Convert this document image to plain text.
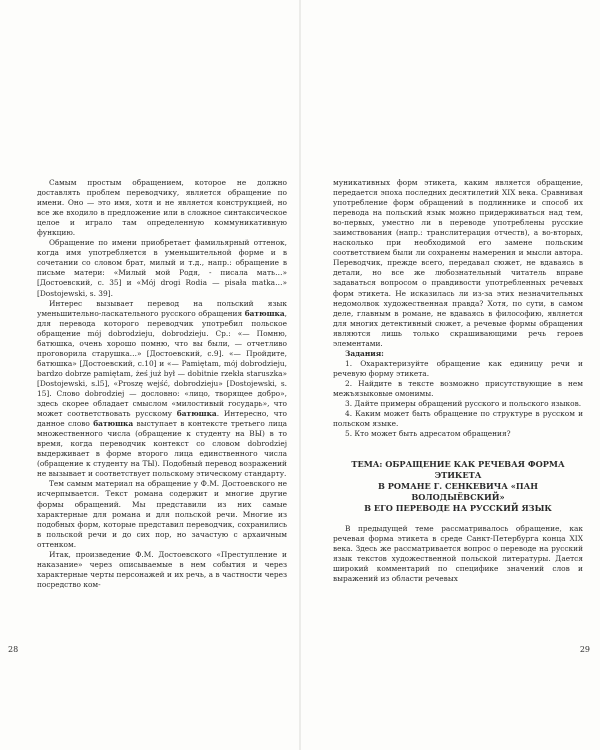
Самым простым обращением, которое не должно доставлять проблем переводчику, является обращение по имени. Оно — это имя, хотя и не является конструкцией, но все же входило в предложение или в сложное синтаксическое целое и играло там определенную коммуникативную функцию.

Обращение по имени приобретает фамильярный оттенок, когда имя употребляется в уменьшительной форме и в сочетании со словом брат, милый и т.д., напр.: обращение в письме матери: «Милый мой Родя, - писала мать…» [Достоевский, с. 35] и «Mój drogi Rodia — pisała matka…» [Dostojewski, s. 39].

Интерес вызывает перевод на польский язык уменьшительно-ласкательного русского обращения батюшка, для перевода которого переводчик употребил польское обращение mój dobrodzieju, dobrodzieju. Ср.: «— Помню, батюшка, очень хорошо помню, что вы были, — отчетливо проговорила старушка…» [Достоевский, с.9]. «— Пройдите, батюшка» [Достоевский, с.10] и «— Pamiętam, mój dobrodzieju, bardzo dobrze pamiętam, żeś już był — dobitnie rzekła staruszka» [Dostojewski, s.l5], «Proszę wejść, dobrodzieju» [Dostojewski, s. 15]. Слово dobrodziej — дословно: «лицо, творящее добро», здесь скорее обладает смыслом «милостивый государь», что может соответствовать русскому батюшка. Интересно, что данное слово батюшка выступает в контексте третьего лица множественного числа (обращение к студенту на ВЫ) в то время, когда переводчик контекст со словом dobrodziej выдерживает в форме второго лица единственного числа (обращение к студенту на ТЫ). Подобный перевод возражений не вызывает и соответствует польскому этическому стандарту.

Тем самым материал на обращение у Ф.М. Достоевского не исчерпывается. Текст романа содержит и многие другие формы обращений. Мы представили из них самые характерные для романа и для польской речи. Многие из подобных форм, которые представил переводчик, сохранились в польской речи и до сих пор, но зачастую с архаичным оттенком.

Итак, произведение Ф.М. Достоевского «Преступление и наказание» через описываемые в нем события и через характерные черты персонажей и их речь, а в частности через посредство ком-

28

муникативных форм этикета, каким является обращение, передается эпоха последних десятилетий XIX века. Сравнивая употребление форм обращений в подлиннике и способ их перевода на польский язык можно придерживаться над тем, во-первых, уместно ли в переводе употреблены русские заимствования (напр.: транслитерация отчеств), а во-вторых, насколько при необходимой его замене польским соответствием были ли сохранены намерения и мысли автора. Переводчик, прежде всего, передавал сюжет, не вдаваясь в детали, но все же любознательный читатель вправе задаваться вопросом о правдивости употребленных речевых форм этикета. Не исказилась ли из-за этих незначительных недомолвок художественная правда? Хотя, по сути, в самом деле, главным в романе, не вдаваясь в философию, является для многих детективный сюжет, а речевые формы обращения являются лишь только скрашивающими речь героев элементами.

Задания:

1. Охарактеризуйте обращение как единицу речи и речевую форму этикета.

2. Найдите в тексте возможно присутствующие в нем межъязыковые омонимы.

3. Дайте примеры обращений русского и польского языков.

4. Каким может быть обращение по структуре в русском и польском языке.

5. Кто может быть адресатом обращения?

ТЕМА: ОБРАЩЕНИЕ КАК РЕЧЕВАЯ ФОРМА ЭТИКЕТА
В РОМАНЕ Г. СЕНКЕВИЧА «ПАН ВОЛОДЫЁВСКИЙ»
В ЕГО ПЕРЕВОДЕ НА РУССКИЙ ЯЗЫК

В предыдущей теме рассматривалось обращение, как речевая форма этикета в среде Санкт-Петербурга конца XIX века. Здесь же рассматривается вопрос о переводе на русский язык текстов художественной польской литературы. Дается широкий комментарий по специфике значений слов и выражений из области речевых

29
